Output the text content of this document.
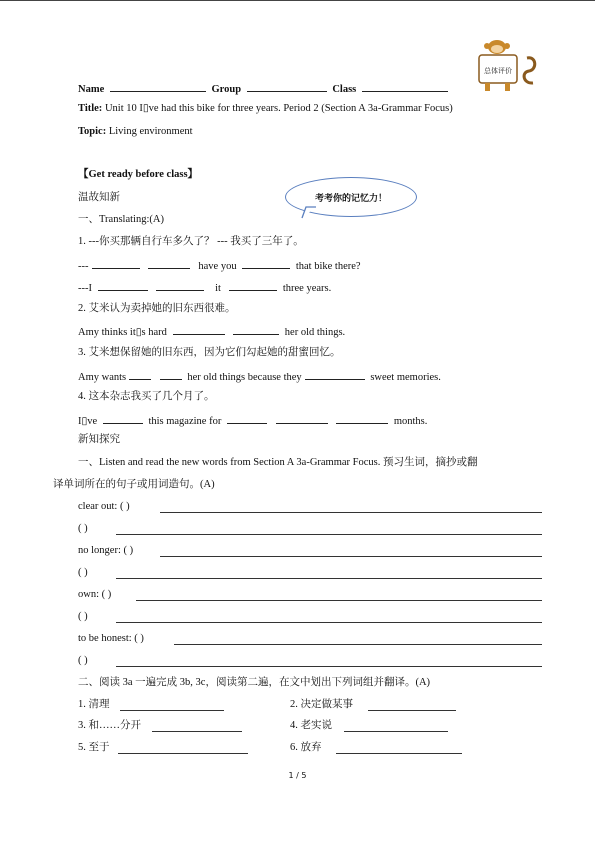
总体评价
Name	Group	Class
Title: Unit 10 I▯ve had this bike for three years. Period 2 (Section A 3a-Grammar Focus)
Topic: Living environment
【Get ready before class】
温故知新	考考你的记忆力！
一、Translating:(A)
1. ---你买那辆自行车多久了？ --- 我买了三年了。
---	have you	that bike there?
---I	it	three years.
2. 艾米认为卖掉她的旧东西很难。
Amy thinks it▯s hard	her old things.
3. 艾米想保留她的旧东西，因为它们勾起她的甜蜜回忆。
Amy wants	her old things because they	sweet memories.
4. 这本杂志我买了几个月了。
I▯ve	this magazine for	months.
新知探究
一、Listen and read the new words from Section A 3a-Grammar Focus. 预习生词，摘抄或翻
译单词所在的句子或用词造句。(A)
clear out: ( )
( )
no longer: ( )
( )
own: ( )
( )
to be honest: ( )
( )
二、阅读 3a 一遍完成 3b, 3c，阅读第二遍，在文中划出下列词组并翻译。(A)
1. 清理	2. 决定做某事
3. 和……分开	4. 老实说
5. 至于	6. 放弃
1 / 5
